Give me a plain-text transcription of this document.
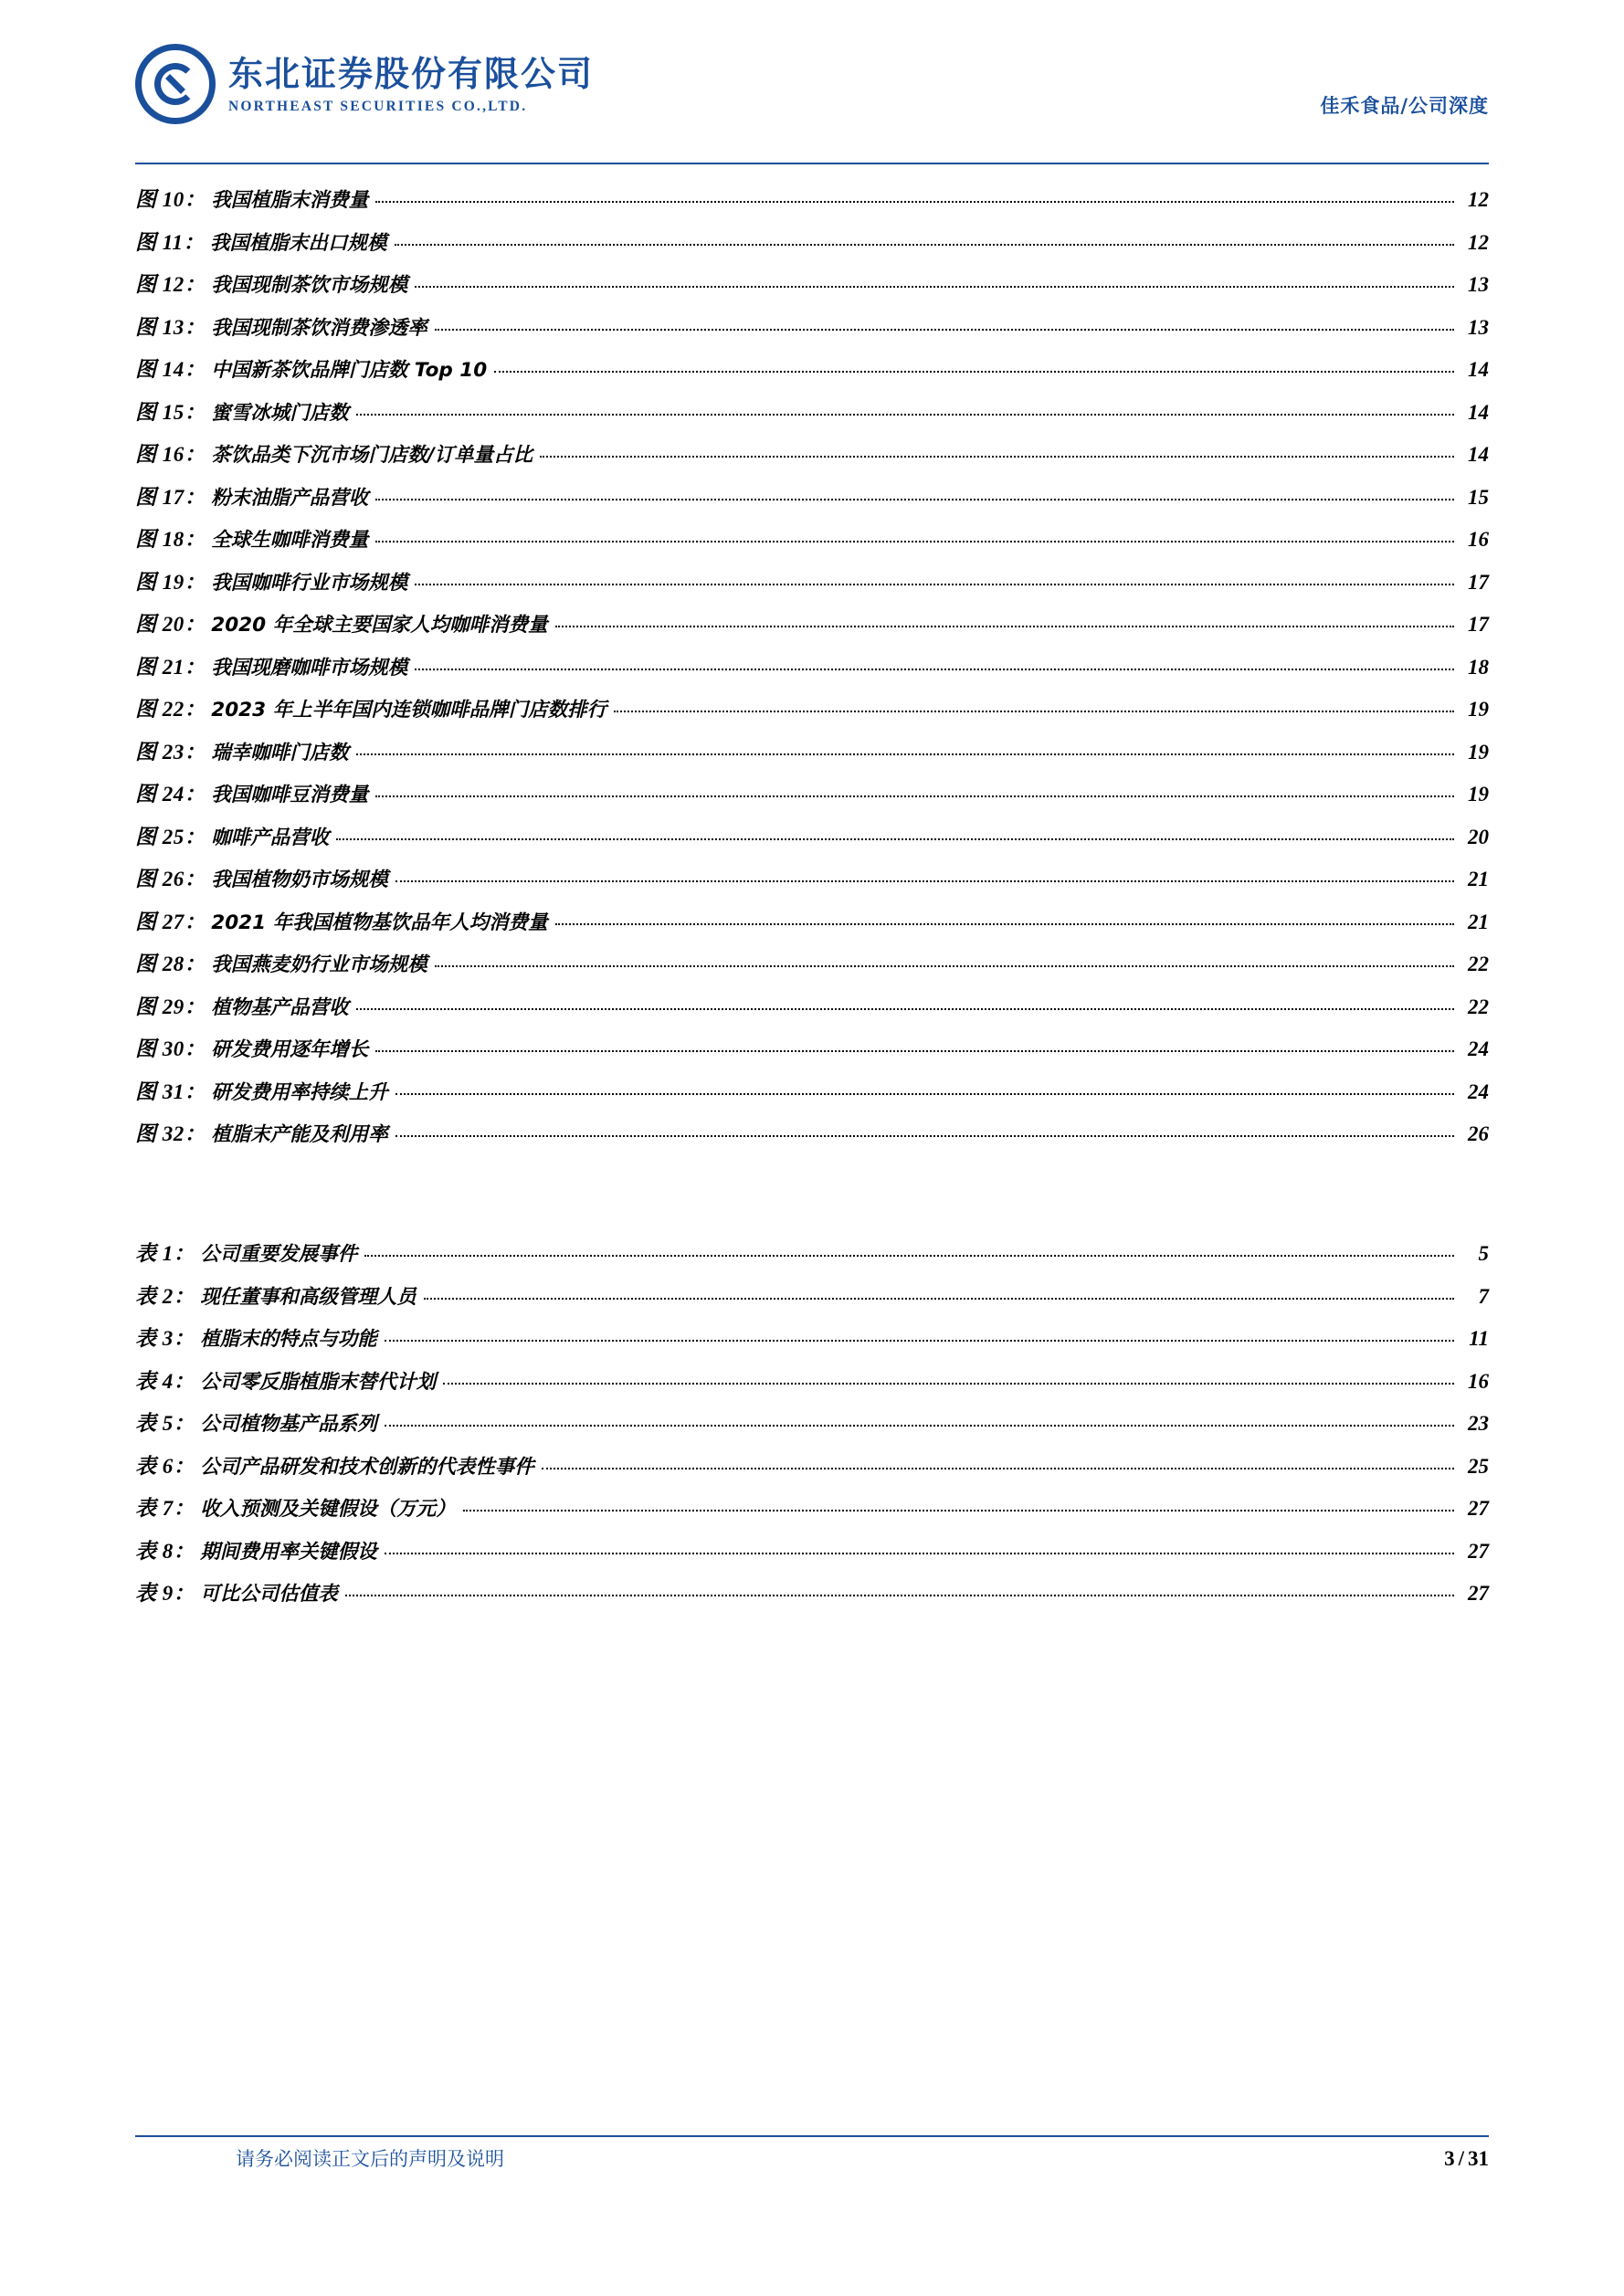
东北证券股份有限公司
NORTHEAST SECURITIES CO.,LTD.	佳禾食品/公司深度
图 10： 我国植脂末消费量	12
图 11： 我国植脂末出口规模	12
图 12： 我国现制茶饮市场规模	13
图 13： 我国现制茶饮消费渗透率	13
图 14： 中国新茶饮品牌门店数 Top 10	14
图 15： 蜜雪冰城门店数	14
图 16： 茶饮品类下沉市场门店数/订单量占比	14
图 17： 粉末油脂产品营收	15
图 18： 全球生咖啡消费量	16
图 19： 我国咖啡行业市场规模	17
图 20： 2020 年全球主要国家人均咖啡消费量	17
图 21： 我国现磨咖啡市场规模	18
图 22： 2023 年上半年国内连锁咖啡品牌门店数排行	19
图 23： 瑞幸咖啡门店数	19
图 24： 我国咖啡豆消费量	19
图 25： 咖啡产品营收	20
图 26： 我国植物奶市场规模	21
图 27： 2021 年我国植物基饮品年人均消费量	21
图 28： 我国燕麦奶行业市场规模	22
图 29： 植物基产品营收	22
图 30： 研发费用逐年增长	24
图 31： 研发费用率持续上升	24
图 32： 植脂末产能及利用率	26
表 1： 公司重要发展事件	5
表 2： 现任董事和高级管理人员	7
表 3： 植脂末的特点与功能	11
表 4： 公司零反脂植脂末替代计划	16
表 5： 公司植物基产品系列	23
表 6： 公司产品研发和技术创新的代表性事件	25
表 7： 收入预测及关键假设（万元）	27
表 8： 期间费用率关键假设	27
表 9： 可比公司估值表	27
请务必阅读正文后的声明及说明	3 / 31
